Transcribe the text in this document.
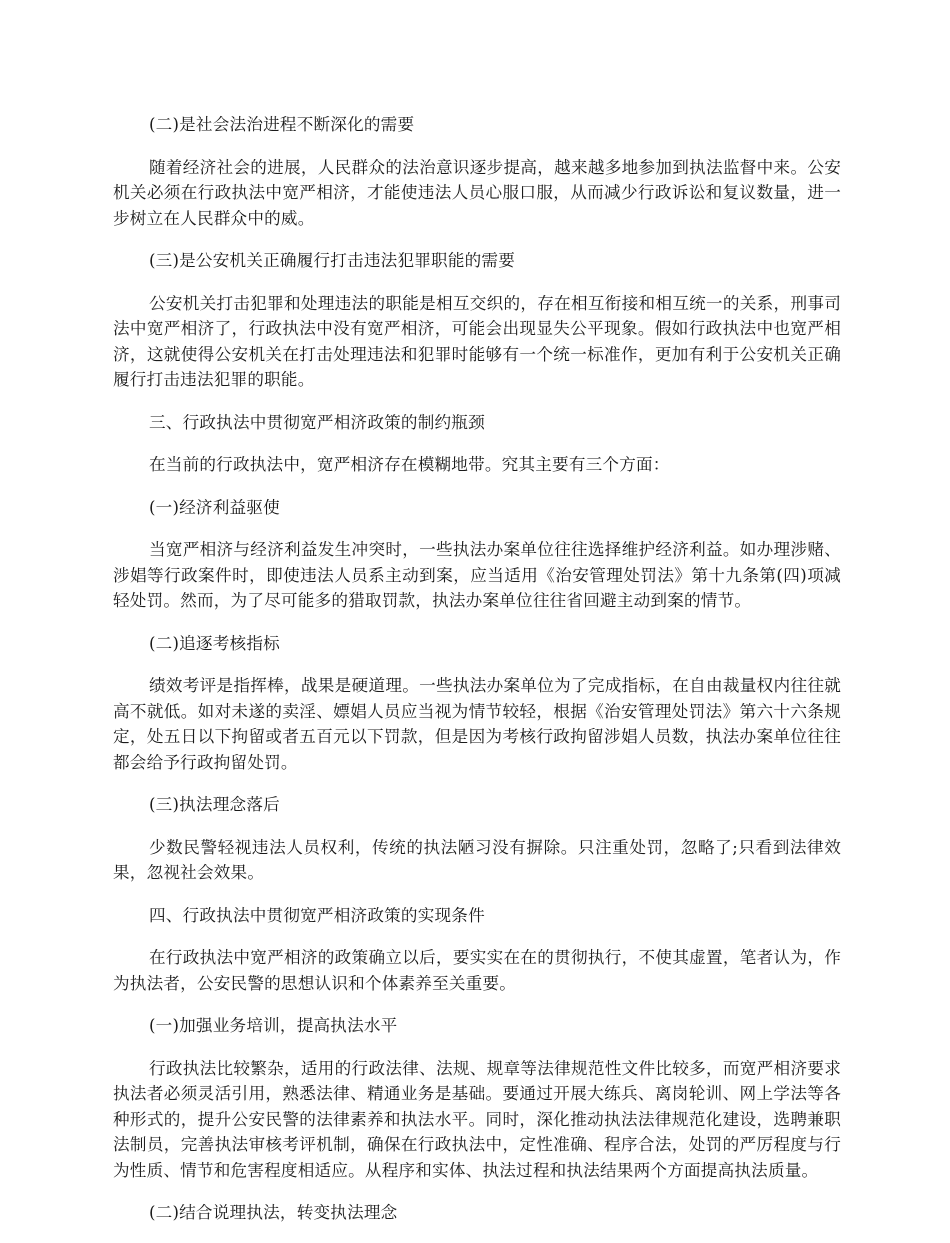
(二)是社会法治进程不断深化的需要

随着经济社会的进展，人民群众的法治意识逐步提高，越来越多地参加到执法监督中来。公安机关必须在行政执法中宽严相济，才能使违法人员心服口服，从而减少行政诉讼和复议数量，进一步树立在人民群众中的威。

(三)是公安机关正确履行打击违法犯罪职能的需要

公安机关打击犯罪和处理违法的职能是相互交织的，存在相互衔接和相互统一的关系，刑事司法中宽严相济了，行政执法中没有宽严相济，可能会出现显失公平现象。假如行政执法中也宽严相济，这就使得公安机关在打击处理违法和犯罪时能够有一个统一标准作，更加有利于公安机关正确履行打击违法犯罪的职能。

三、行政执法中贯彻宽严相济政策的制约瓶颈

在当前的行政执法中，宽严相济存在模糊地带。究其主要有三个方面：

(一)经济利益驱使

当宽严相济与经济利益发生冲突时，一些执法办案单位往往选择维护经济利益。如办理涉赌、涉娼等行政案件时，即使违法人员系主动到案，应当适用《治安管理处罚法》第十九条第(四)项减轻处罚。然而，为了尽可能多的猎取罚款，执法办案单位往往省回避主动到案的情节。

(二)追逐考核指标

绩效考评是指挥棒，战果是硬道理。一些执法办案单位为了完成指标，在自由裁量权内往往就高不就低。如对未遂的卖淫、嫖娼人员应当视为情节较轻，根据《治安管理处罚法》第六十六条规定，处五日以下拘留或者五百元以下罚款，但是因为考核行政拘留涉娼人员数，执法办案单位往往都会给予行政拘留处罚。

(三)执法理念落后

少数民警轻视违法人员权利，传统的执法陋习没有摒除。只注重处罚，忽略了;只看到法律效果，忽视社会效果。

四、行政执法中贯彻宽严相济政策的实现条件

在行政执法中宽严相济的政策确立以后，要实实在在的贯彻执行，不使其虚置，笔者认为，作为执法者，公安民警的思想认识和个体素养至关重要。

(一)加强业务培训，提高执法水平

行政执法比较繁杂，适用的行政法律、法规、规章等法律规范性文件比较多，而宽严相济要求执法者必须灵活引用，熟悉法律、精通业务是基础。要通过开展大练兵、离岗轮训、网上学法等各种形式的，提升公安民警的法律素养和执法水平。同时，深化推动执法法律规范化建设，选聘兼职法制员，完善执法审核考评机制，确保在行政执法中，定性准确、程序合法，处罚的严厉程度与行为性质、情节和危害程度相适应。从程序和实体、执法过程和执法结果两个方面提高执法质量。

(二)结合说理执法，转变执法理念
